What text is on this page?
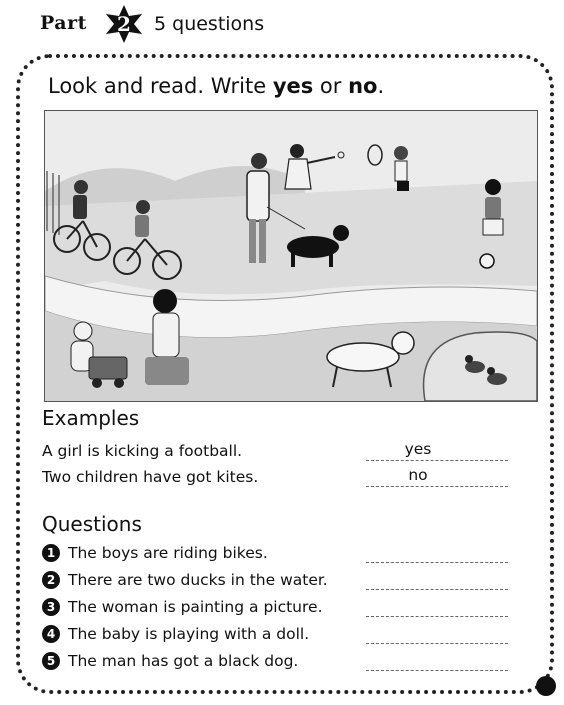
Part 2 5 questions
Look and read. Write yes or no.
Examples
A girl is kicking a football.	yes
Two children have got kites.	no
Questions
1 The boys are riding bikes.
2 There are two ducks in the water.
3 The woman is painting a picture.
4 The baby is playing with a doll.
5 The man has got a black dog.
